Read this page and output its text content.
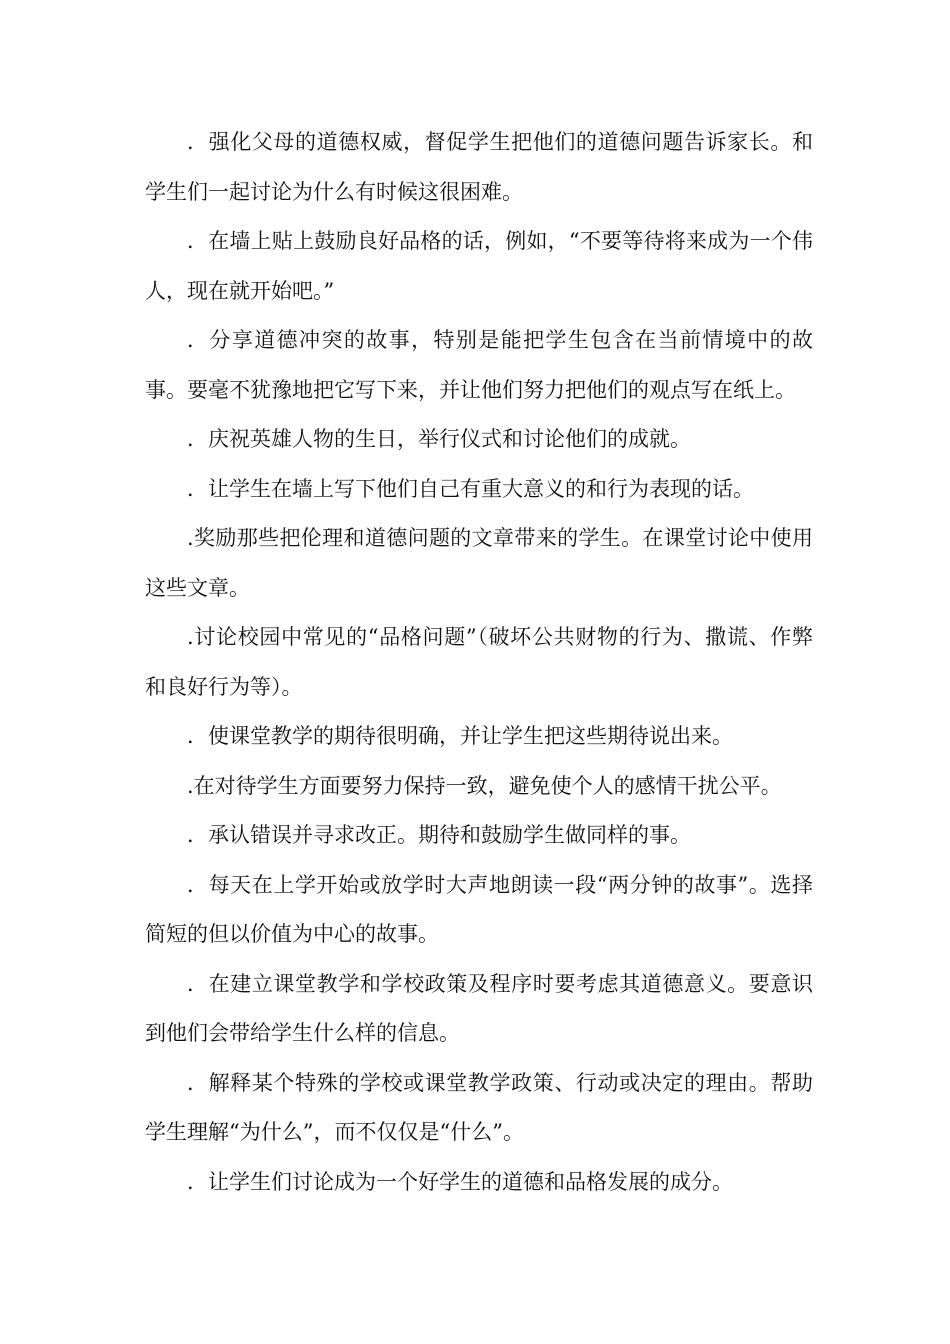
．强化父母的道德权威，督促学生把他们的道德问题告诉家长。和学生们一起讨论为什么有时候这很困难。

．在墙上贴上鼓励良好品格的话，例如，“不要等待将来成为一个伟人，现在就开始吧。”

．分享道德冲突的故事，特别是能把学生包含在当前情境中的故事。要毫不犹豫地把它写下来，并让他们努力把他们的观点写在纸上。

．庆祝英雄人物的生日，举行仪式和讨论他们的成就。

．让学生在墙上写下他们自己有重大意义的和行为表现的话。

.奖励那些把伦理和道德问题的文章带来的学生。在课堂讨论中使用这些文章。

.讨论校园中常见的“品格问题”（破坏公共财物的行为、撒谎、作弊和良好行为等）。

．使课堂教学的期待很明确，并让学生把这些期待说出来。

.在对待学生方面要努力保持一致，避免使个人的感情干扰公平。

．承认错误并寻求改正。期待和鼓励学生做同样的事。

．每天在上学开始或放学时大声地朗读一段“两分钟的故事”。选择简短的但以价值为中心的故事。

．在建立课堂教学和学校政策及程序时要考虑其道德意义。要意识到他们会带给学生什么样的信息。

．解释某个特殊的学校或课堂教学政策、行动或决定的理由。帮助学生理解“为什么”，而不仅仅是“什么”。

．让学生们讨论成为一个好学生的道德和品格发展的成分。
